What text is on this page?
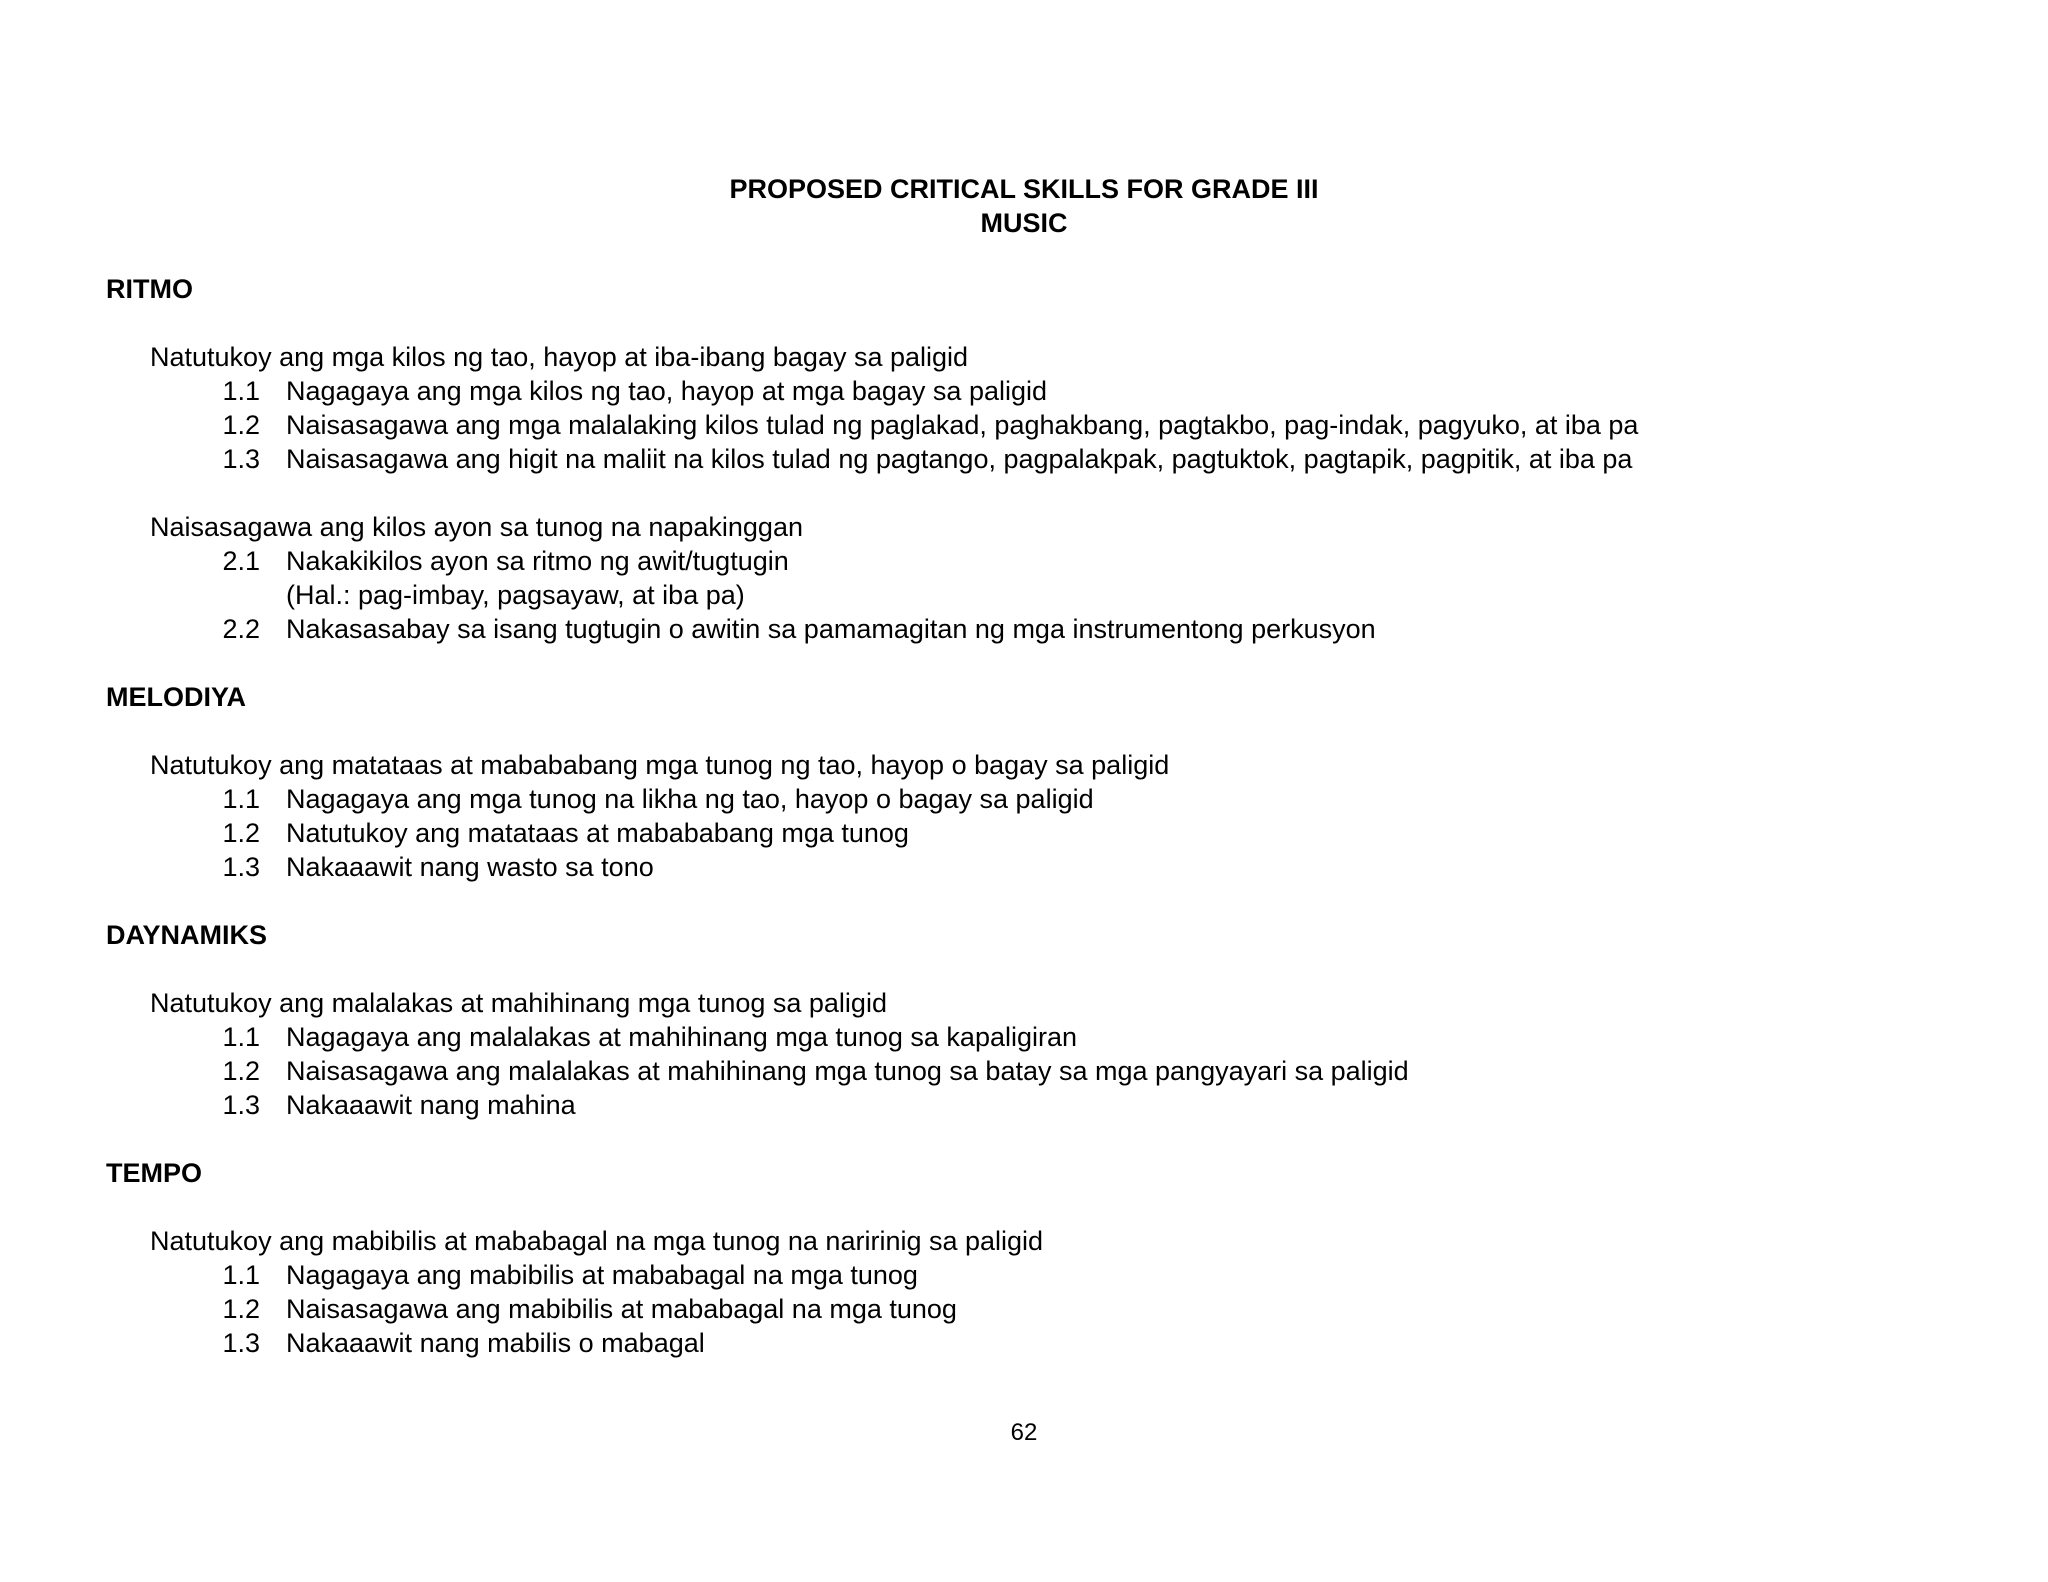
PROPOSED CRITICAL SKILLS FOR GRADE III
MUSIC
RITMO
Natutukoy ang mga kilos ng tao, hayop at iba-ibang bagay sa paligid
1.1 Nagagaya ang mga kilos ng tao, hayop at mga bagay sa paligid
1.2 Naisasagawa ang mga malalaking kilos tulad ng paglakad, paghakbang, pagtakbo, pag-indak, pagyuko, at iba pa
1.3 Naisasagawa ang higit na maliit na kilos tulad ng pagtango, pagpalakpak, pagtuktok, pagtapik, pagpitik, at iba pa
Naisasagawa ang kilos ayon sa tunog na napakinggan
2.1 Nakakikilos ayon sa ritmo ng awit/tugtugin
(Hal.: pag-imbay, pagsayaw, at iba pa)
2.2 Nakasasabay sa isang tugtugin o awitin sa pamamagitan ng mga instrumentong perkusyon
MELODIYA
Natutukoy ang matataas at mabababang mga tunog ng tao, hayop o bagay sa paligid
1.1 Nagagaya ang mga tunog na likha ng tao, hayop o bagay sa paligid
1.2 Natutukoy ang matataas at mabababang mga tunog
1.3 Nakaaawit nang wasto sa tono
DAYNAMIKS
Natutukoy ang malalakas at mahihinang mga tunog sa paligid
1.1 Nagagaya ang malalakas at mahihinang mga tunog sa kapaligiran
1.2 Naisasagawa ang malalakas at mahihinang mga tunog sa batay sa mga pangyayari sa paligid
1.3 Nakaaawit nang mahina
TEMPO
Natutukoy ang mabibilis at mababagal na mga tunog na naririnig sa paligid
1.1 Nagagaya ang mabibilis at mababagal na mga tunog
1.2 Naisasagawa ang mabibilis at mababagal na mga tunog
1.3 Nakaaawit nang mabilis o mabagal
62
